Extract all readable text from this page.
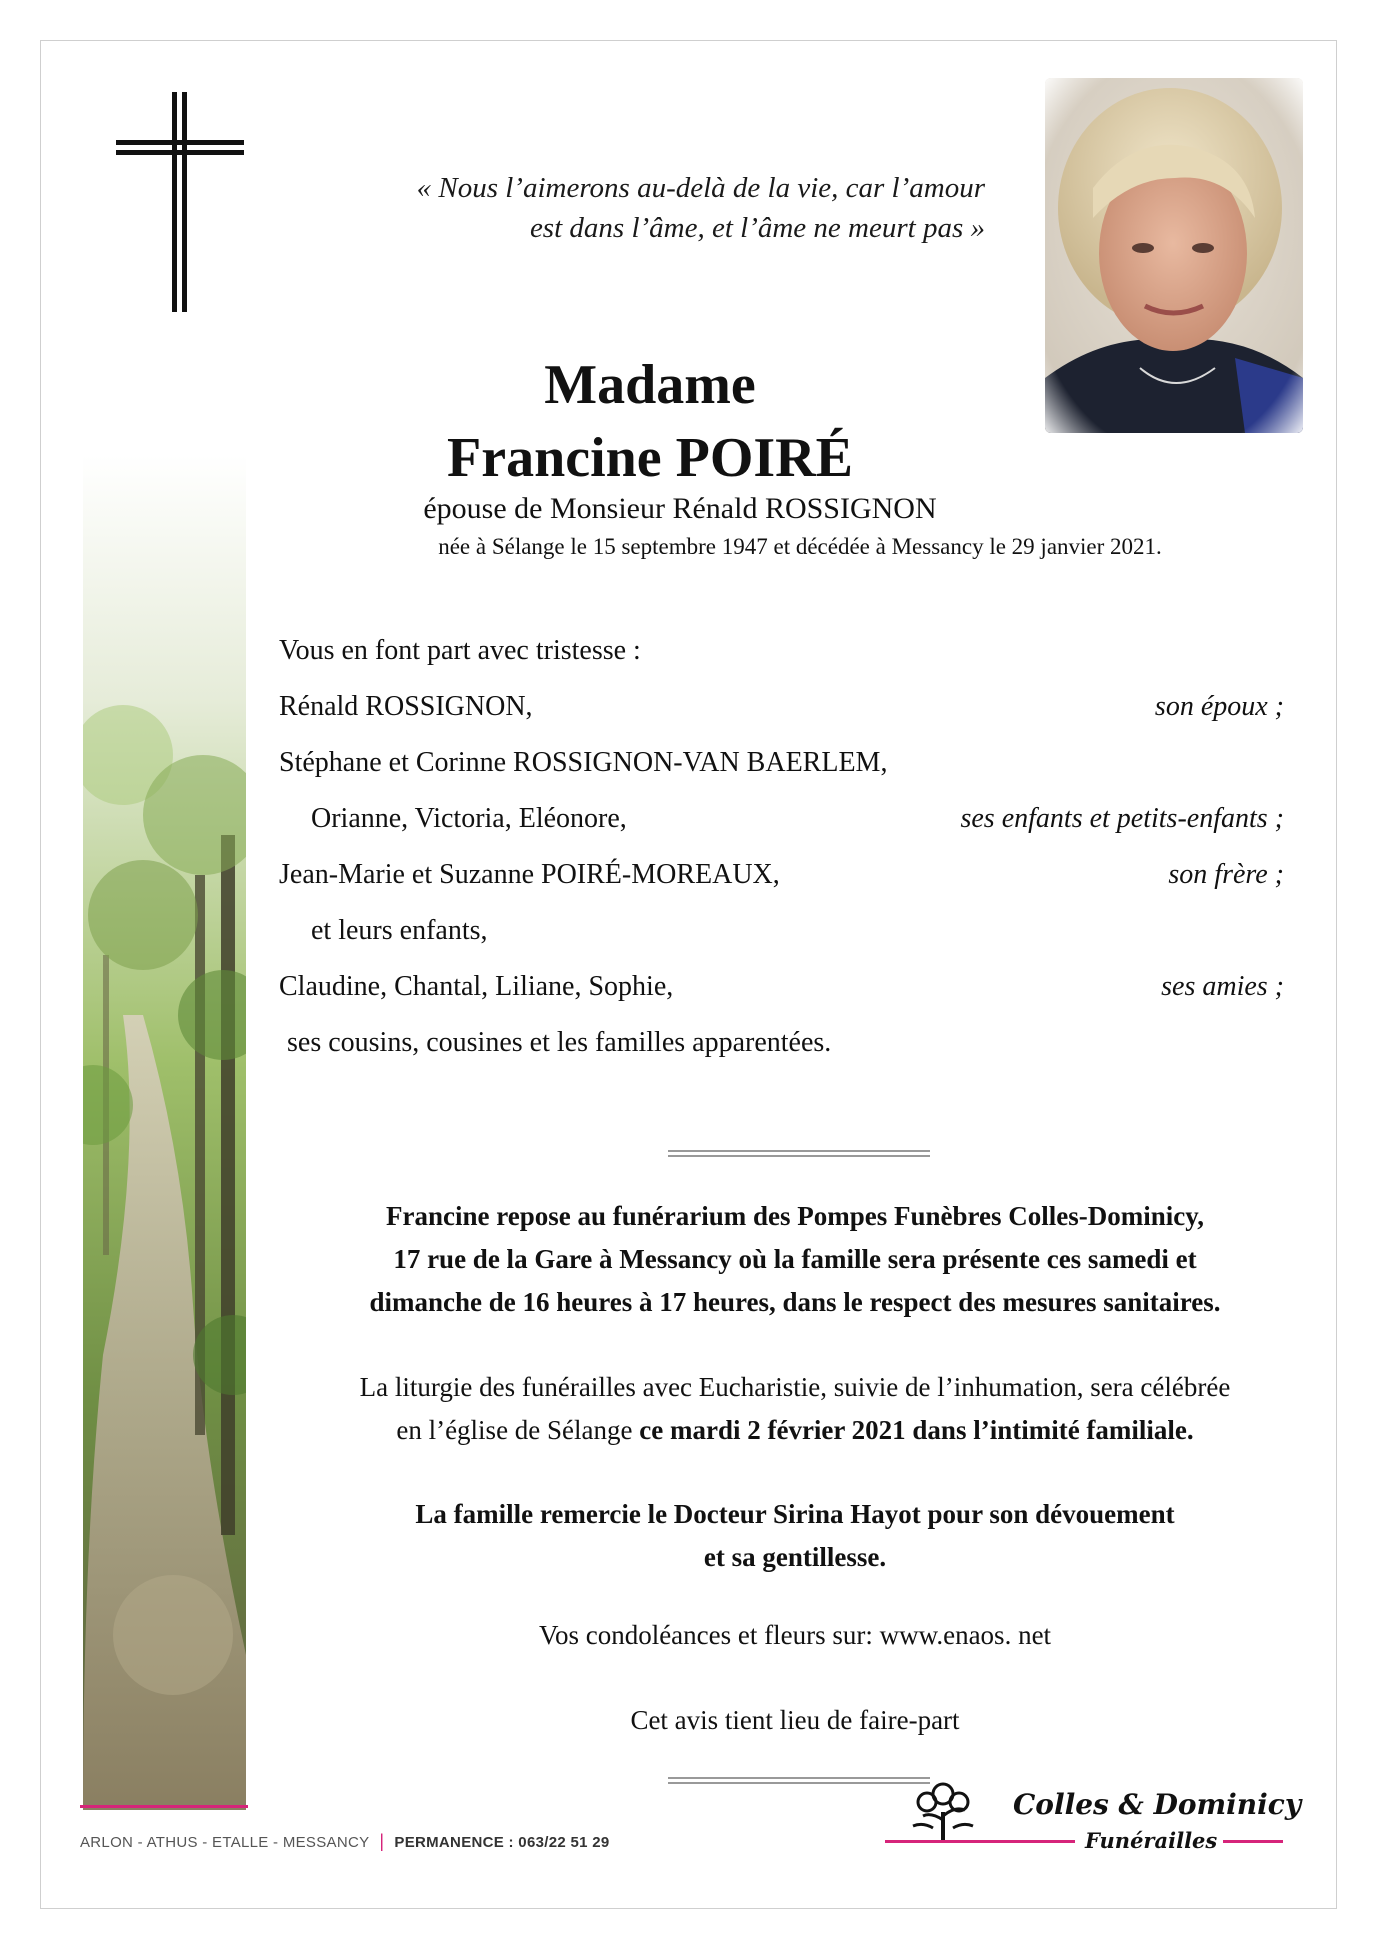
« Nous l’aimerons au-delà de la vie, car l’amour
est dans l’âme, et l’âme ne meurt pas »
Madame
Francine POIRÉ
épouse de Monsieur Rénald ROSSIGNON
née à Sélange le 15 septembre 1947 et décédée à Messancy le 29 janvier 2021.
Vous en font part avec tristesse :
Rénald ROSSIGNON,	son époux ;
Stéphane et Corinne ROSSIGNON-VAN BAERLEM,
Orianne, Victoria, Eléonore,	ses enfants et petits-enfants ;
Jean-Marie et Suzanne POIRÉ-MOREAUX,	son frère ;
et leurs enfants,
Claudine, Chantal, Liliane, Sophie,	ses amies ;
ses cousins, cousines et les familles apparentées.
Francine repose au funérarium des Pompes Funèbres Colles-Dominicy,
17 rue de la Gare à Messancy où la famille sera présente ces samedi et
dimanche de 16 heures à 17 heures, dans le respect des mesures sanitaires.
La liturgie des funérailles avec Eucharistie, suivie de l’inhumation, sera célébrée
en l’église de Sélange ce mardi 2 février 2021 dans l’intimité familiale.
La famille remercie le Docteur Sirina Hayot pour son dévouement
et sa gentillesse.
Vos condoléances et fleurs sur: www.enaos. net
Cet avis tient lieu de faire-part
ARLON - ATHUS - ETALLE - MESSANCY | PERMANENCE : 063/22 51 29
Colles & Dominicy
Funérailles
